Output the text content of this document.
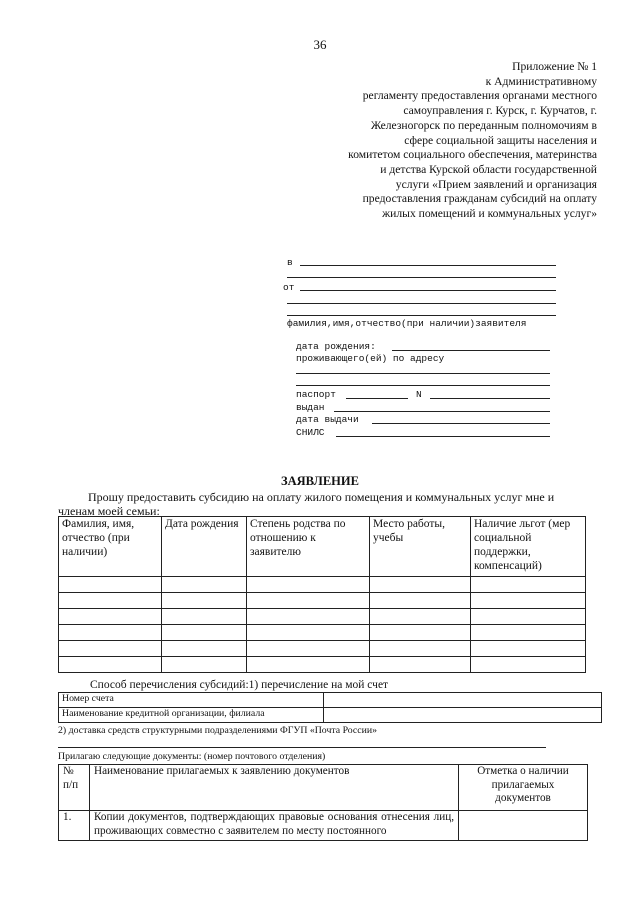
36
Приложение № 1
к Административному
регламенту предоставления органами местного
самоуправления г. Курск, г. Курчатов, г.
Железногорск по переданным полномочиям в
сфере социальной защиты населения и
комитетом социального обеспечения, материнства
и детства Курской области государственной
услуги «Прием заявлений и организация
предоставления гражданам субсидий на оплату
жилых помещений и коммунальных услуг»
в
от
фамилия,имя,отчество(при наличии)заявителя
дата рождения:
проживающего(ей) по адресу
паспорт	N
выдан
дата выдачи
СНИЛС
ЗАЯВЛЕНИЕ
Прошу предоставить субсидию на оплату жилого помещения и коммунальных услуг мне и
членам моей семьи:
Фамилия, имя, отчество (при наличии)	Дата рождения	Степень родства по отношению к заявителю	Место работы, учебы	Наличие льгот (мер социальной поддержки, компенсаций)

Способ перечисления субсидий:1) перечисление на мой счет
Номер счета	
Наименование кредитной организации, филиала	
2) доставка средств структурными подразделениями ФГУП «Почта России»
Прилагаю следующие документы: (номер почтового отделения)
№ п/п	Наименование прилагаемых к заявлению документов	Отметка о наличии прилагаемых документов
1.	Копии документов, подтверждающих правовые основания отнесения лиц, проживающих совместно с заявителем по месту постоянного	
